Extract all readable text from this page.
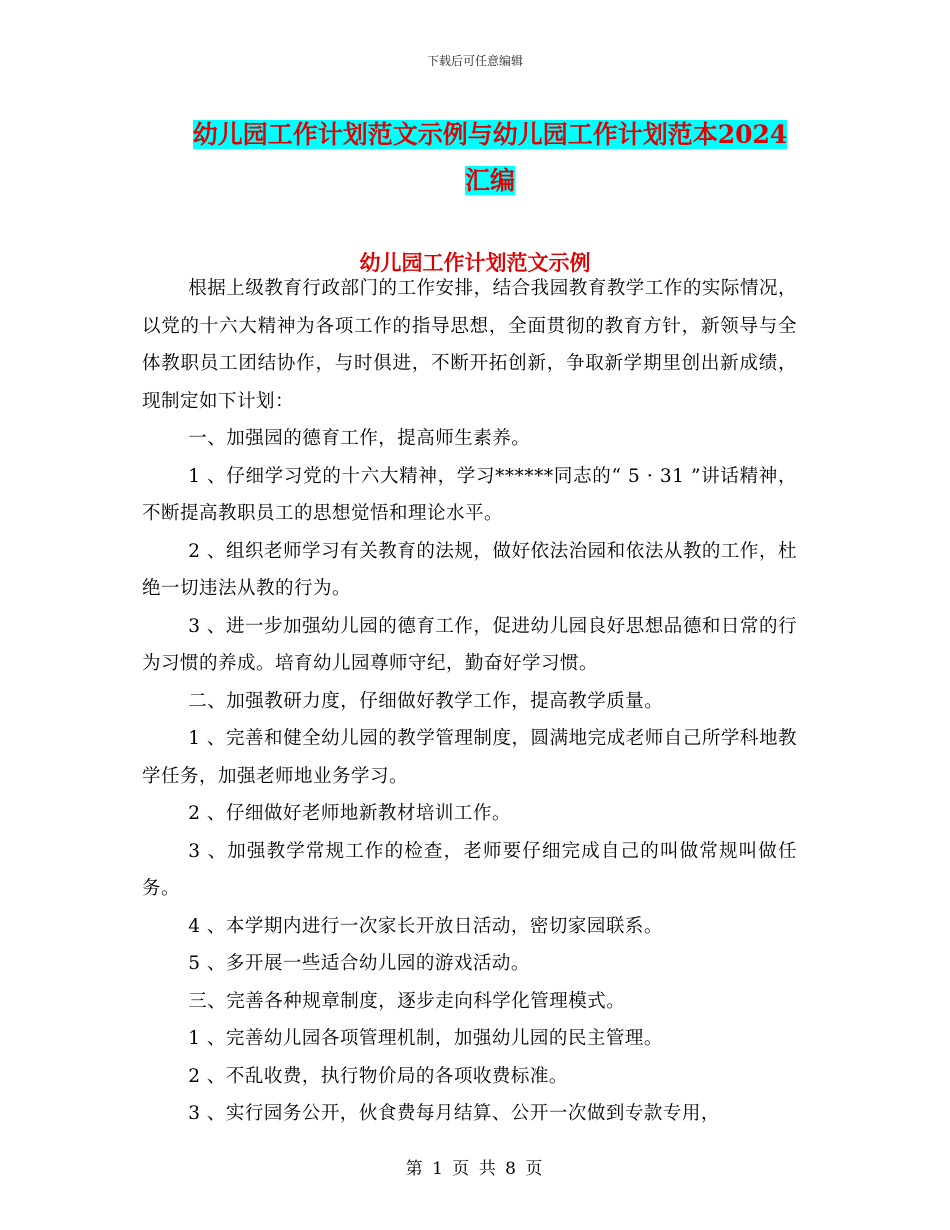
下载后可任意编辑
幼儿园工作计划范文示例与幼儿园工作计划范本2024
汇编
幼儿园工作计划范文示例

根据上级教育行政部门的工作安排，结合我园教育教学工作的实际情况，以党的十六大精神为各项工作的指导思想，全面贯彻的教育方针，新领导与全体教职员工团结协作，与时俱进，不断开拓创新，争取新学期里创出新成绩，现制定如下计划：

一、加强园的德育工作，提高师生素养。

1 、仔细学习党的十六大精神，学习******同志的“ 5 · 31 ”讲话精神，不断提高教职员工的思想觉悟和理论水平。

2 、组织老师学习有关教育的法规，做好依法治园和依法从教的工作，杜绝一切违法从教的行为。

3 、进一步加强幼儿园的德育工作，促进幼儿园良好思想品德和日常的行为习惯的养成。培育幼儿园尊师守纪，勤奋好学习惯。

二、加强教研力度，仔细做好教学工作，提高教学质量。

1 、完善和健全幼儿园的教学管理制度，圆满地完成老师自己所学科地教学任务，加强老师地业务学习。

2 、仔细做好老师地新教材培训工作。

3 、加强教学常规工作的检查，老师要仔细完成自己的叫做常规叫做任务。

4 、本学期内进行一次家长开放日活动，密切家园联系。

5 、多开展一些适合幼儿园的游戏活动。

三、完善各种规章制度，逐步走向科学化管理模式。

1 、完善幼儿园各项管理机制，加强幼儿园的民主管理。

2 、不乱收费，执行物价局的各项收费标准。

3 、实行园务公开，伙食费每月结算、公开一次做到专款专用，

第 1 页 共 8 页
